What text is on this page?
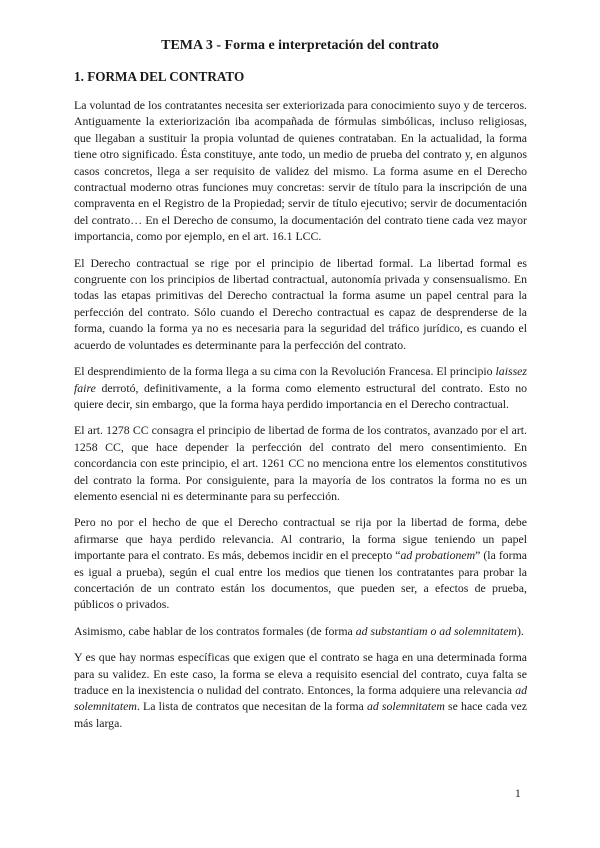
TEMA 3 - Forma e interpretación del contrato
1. FORMA DEL CONTRATO

La voluntad de los contratantes necesita ser exteriorizada para conocimiento suyo y de terceros. Antiguamente la exteriorización iba acompañada de fórmulas simbólicas, incluso religiosas, que llegaban a sustituir la propia voluntad de quienes contrataban. En la actualidad, la forma tiene otro significado. Ésta constituye, ante todo, un medio de prueba del contrato y, en algunos casos concretos, llega a ser requisito de validez del mismo. La forma asume en el Derecho contractual moderno otras funciones muy concretas: servir de título para la inscripción de una compraventa en el Registro de la Propiedad; servir de título ejecutivo; servir de documentación del contrato… En el Derecho de consumo, la documentación del contrato tiene cada vez mayor importancia, como por ejemplo, en el art. 16.1 LCC.

El Derecho contractual se rige por el principio de libertad formal. La libertad formal es congruente con los principios de libertad contractual, autonomía privada y consensualismo. En todas las etapas primitivas del Derecho contractual la forma asume un papel central para la perfección del contrato. Sólo cuando el Derecho contractual es capaz de desprenderse de la forma, cuando la forma ya no es necesaria para la seguridad del tráfico jurídico, es cuando el acuerdo de voluntades es determinante para la perfección del contrato.

El desprendimiento de la forma llega a su cima con la Revolución Francesa. El principio laissez faire derrotó, definitivamente, a la forma como elemento estructural del contrato. Esto no quiere decir, sin embargo, que la forma haya perdido importancia en el Derecho contractual.

El art. 1278 CC consagra el principio de libertad de forma de los contratos, avanzado por el art. 1258 CC, que hace depender la perfección del contrato del mero consentimiento. En concordancia con este principio, el art. 1261 CC no menciona entre los elementos constitutivos del contrato la forma. Por consiguiente, para la mayoría de los contratos la forma no es un elemento esencial ni es determinante para su perfección.

Pero no por el hecho de que el Derecho contractual se rija por la libertad de forma, debe afirmarse que haya perdido relevancia. Al contrario, la forma sigue teniendo un papel importante para el contrato. Es más, debemos incidir en el precepto “ad probationem” (la forma es igual a prueba), según el cual entre los medios que tienen los contratantes para probar la concertación de un contrato están los documentos, que pueden ser, a efectos de prueba, públicos o privados.

Asimismo, cabe hablar de los contratos formales (de forma ad substantiam o ad solemnitatem).

Y es que hay normas específicas que exigen que el contrato se haga en una determinada forma para su validez. En este caso, la forma se eleva a requisito esencial del contrato, cuya falta se traduce en la inexistencia o nulidad del contrato. Entonces, la forma adquiere una relevancia ad solemnitatem. La lista de contratos que necesitan de la forma ad solemnitatem se hace cada vez más larga.

1
